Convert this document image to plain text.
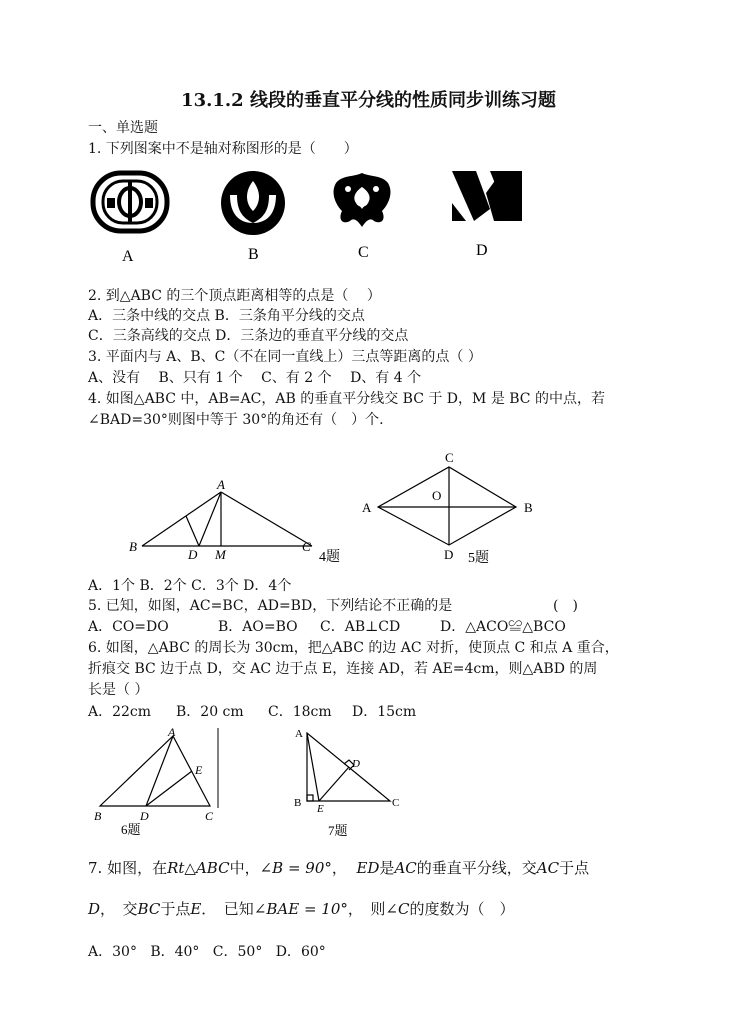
13.1.2 线段的垂直平分线的性质同步训练习题
一、单选题
1. 下列图案中不是轴对称图形的是（　　）
A	B	C	D
2. 到△ABC 的三个顶点距离相等的点是（　 ）
A．三条中线的交点 B．三条角平分线的交点
C．三条高线的交点 D．三条边的垂直平分线的交点
3. 平面内与 A、B、C（不在同一直线上）三点等距离的点（ ）
A、没有　 B、只有 1 个　 C、有 2 个　 D、有 4 个
4. 如图△ABC 中，AB=AC，AB 的垂直平分线交 BC 于 D，M 是 BC 的中点，若
∠BAD=30°则图中等于 30°的角还有（　）个.
A
B	C
D M	4题
C
A	B
O
D 5题
A．1个 B．2个 C．3个 D．4个
5. 已知，如图，AC=BC，AD=BD，下列结论不正确的是	(　)
A．CO=DO	B．AO=BO C．AB⊥CD	D．△ACO≌△BCO
6. 如图，△ABC 的周长为 30cm，把△ABC 的边 AC 对折，使顶点 C 和点 A 重合，
折痕交 BC 边于点 D，交 AC 边于点 E，连接 AD，若 AE=4cm，则△ABD 的周
长是（ ）
A．22cm B．20 cm C．18cm D．15cm
A
B	C
D
E
6题
A
B	C
D
E
7题
7. 如图，在Rt△ABC中，∠B = 90°， ED是AC的垂直平分线，交AC于点
D，　交BC于点E．　已知∠BAE = 10°，　则∠C的度数为（　）
A．30° B．40° C．50° D．60°
